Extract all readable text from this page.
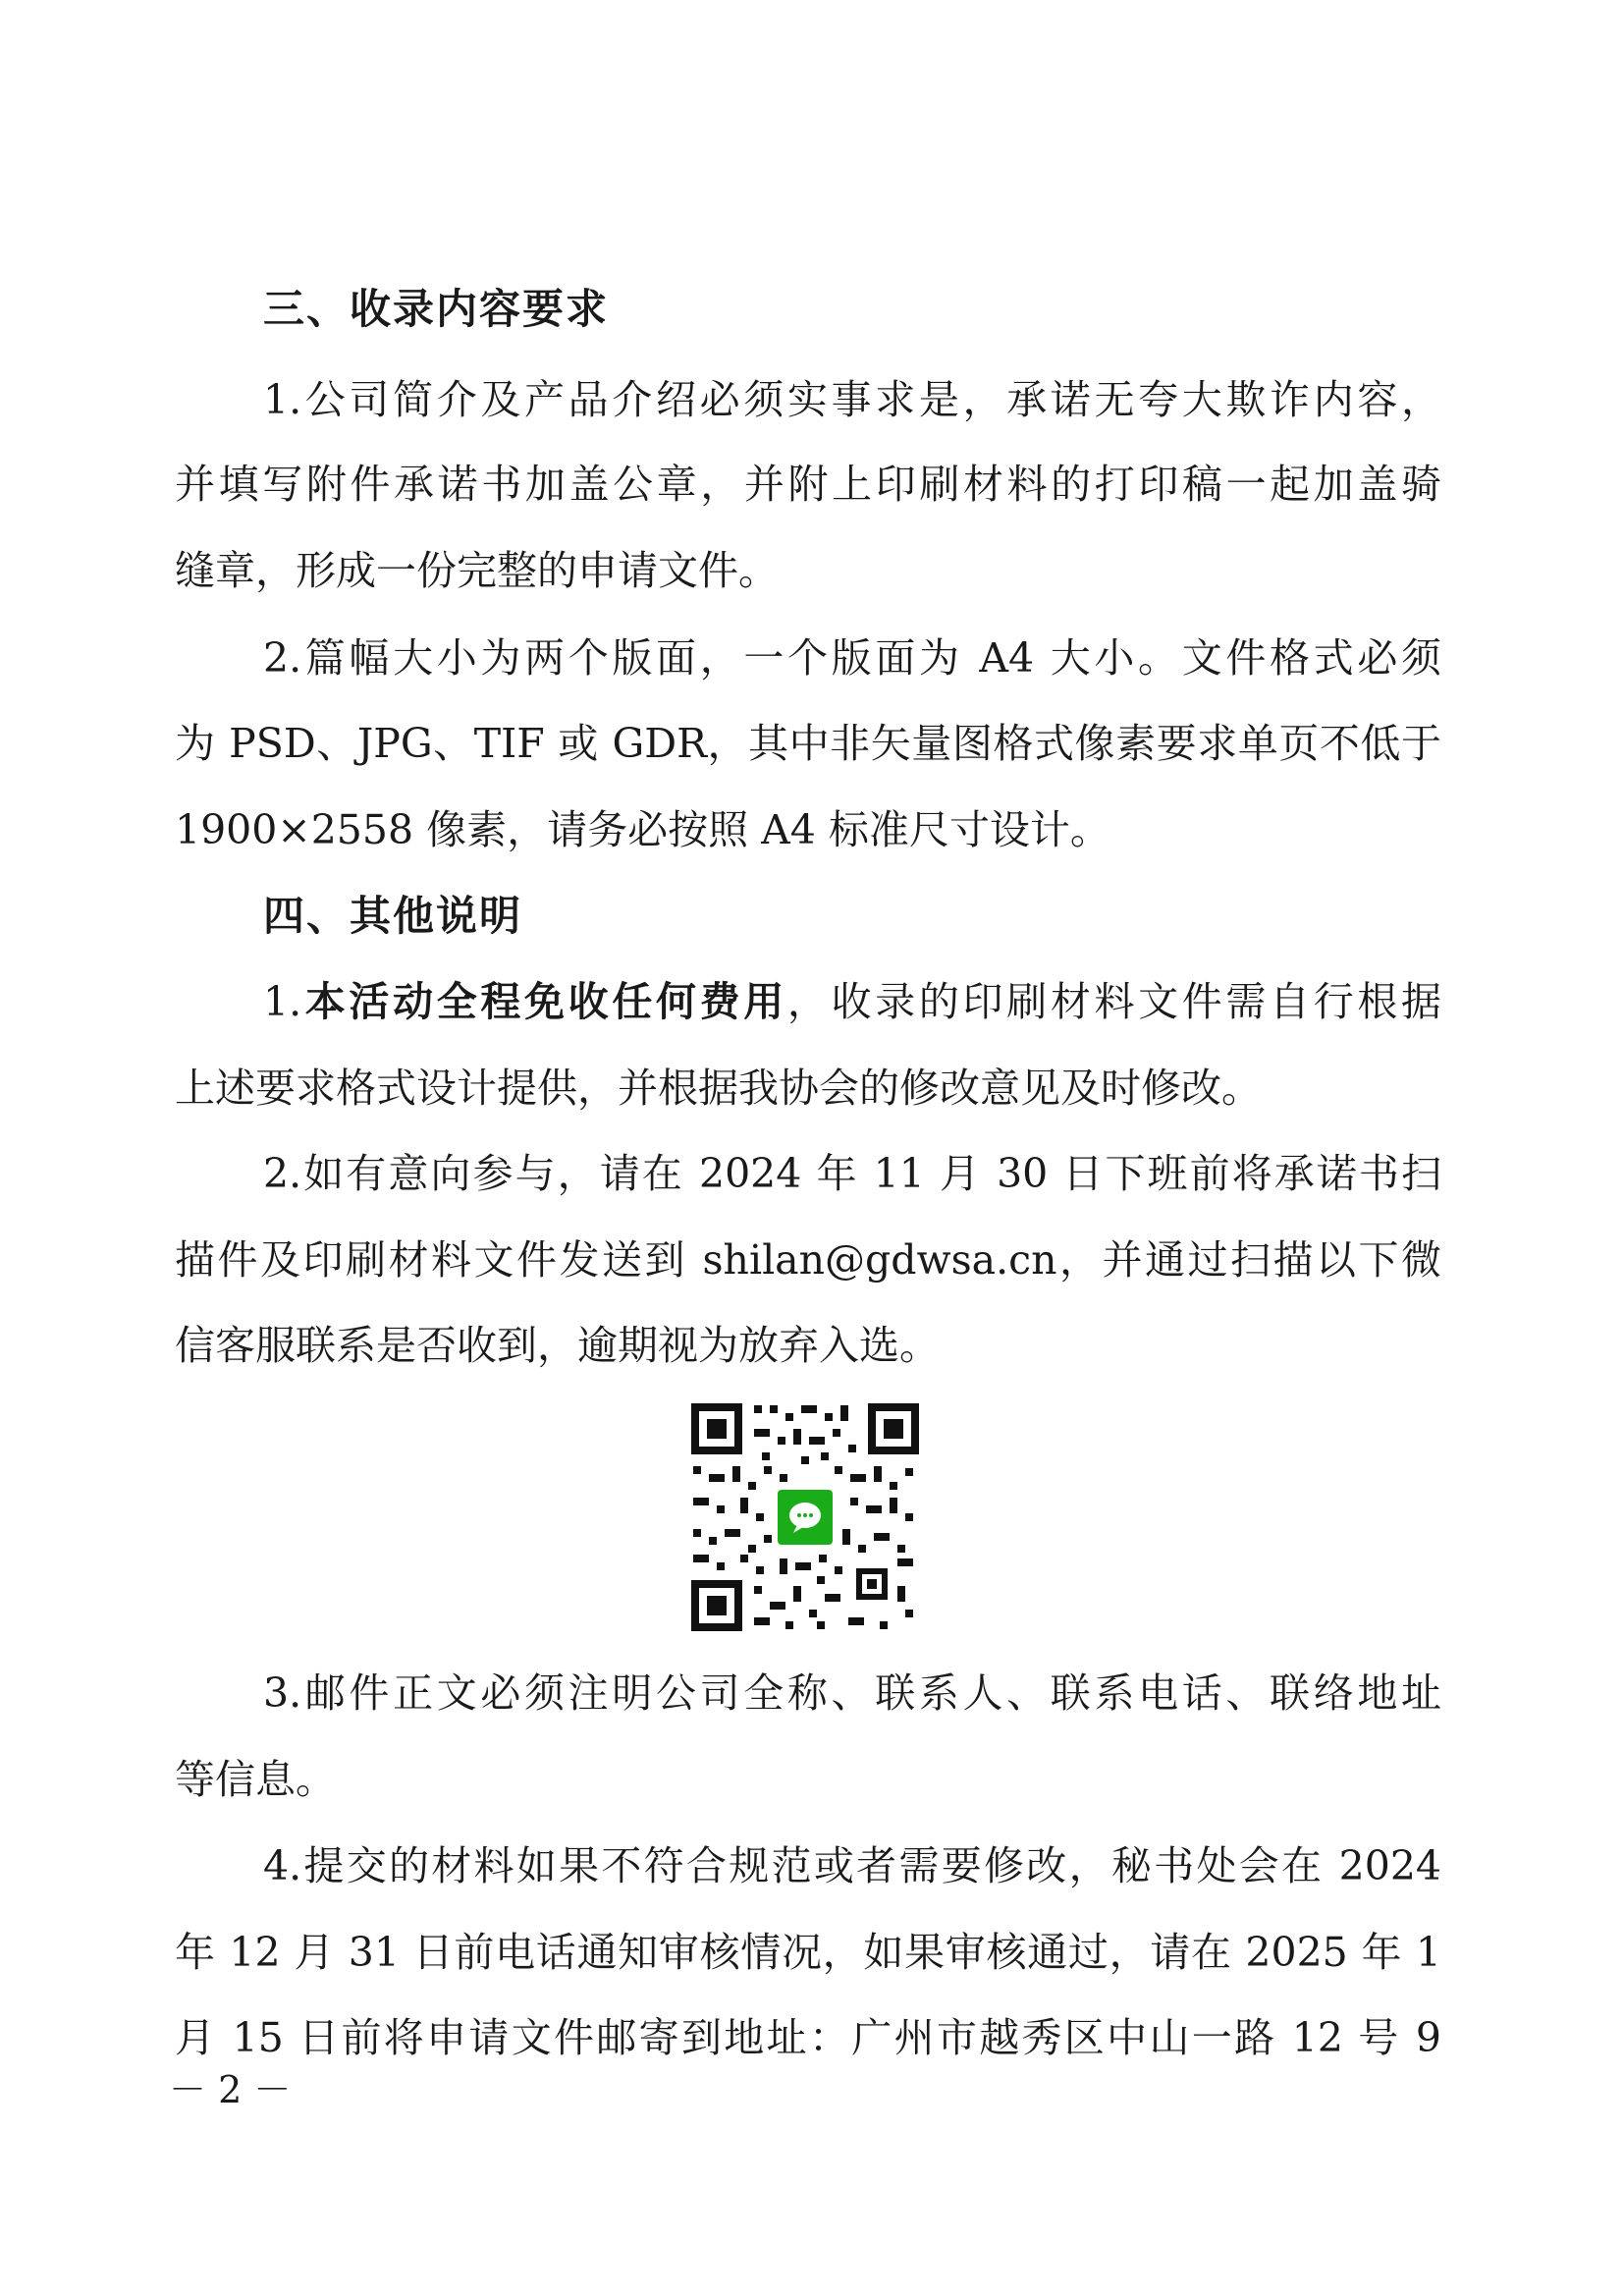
三、收录内容要求
1.公司简介及产品介绍必须实事求是，承诺无夸大欺诈内容，
并填写附件承诺书加盖公章，并附上印刷材料的打印稿一起加盖骑
缝章，形成一份完整的申请文件。
2.篇幅大小为两个版面，一个版面为 A4 大小。文件格式必须
为 PSD、JPG、TIF 或 GDR，其中非矢量图格式像素要求单页不低于
1900×2558 像素，请务必按照 A4 标准尺寸设计。
四、其他说明
1.本活动全程免收任何费用，收录的印刷材料文件需自行根据
上述要求格式设计提供，并根据我协会的修改意见及时修改。
2.如有意向参与，请在 2024 年 11 月 30 日下班前将承诺书扫
描件及印刷材料文件发送到 shilan@gdwsa.cn，并通过扫描以下微
信客服联系是否收到，逾期视为放弃入选。
3.邮件正文必须注明公司全称、联系人、联系电话、联络地址
等信息。
4.提交的材料如果不符合规范或者需要修改，秘书处会在 2024
年 12 月 31 日前电话通知审核情况，如果审核通过，请在 2025 年 1
月 15 日前将申请文件邮寄到地址：广州市越秀区中山一路 12 号 9
－ 2 －
